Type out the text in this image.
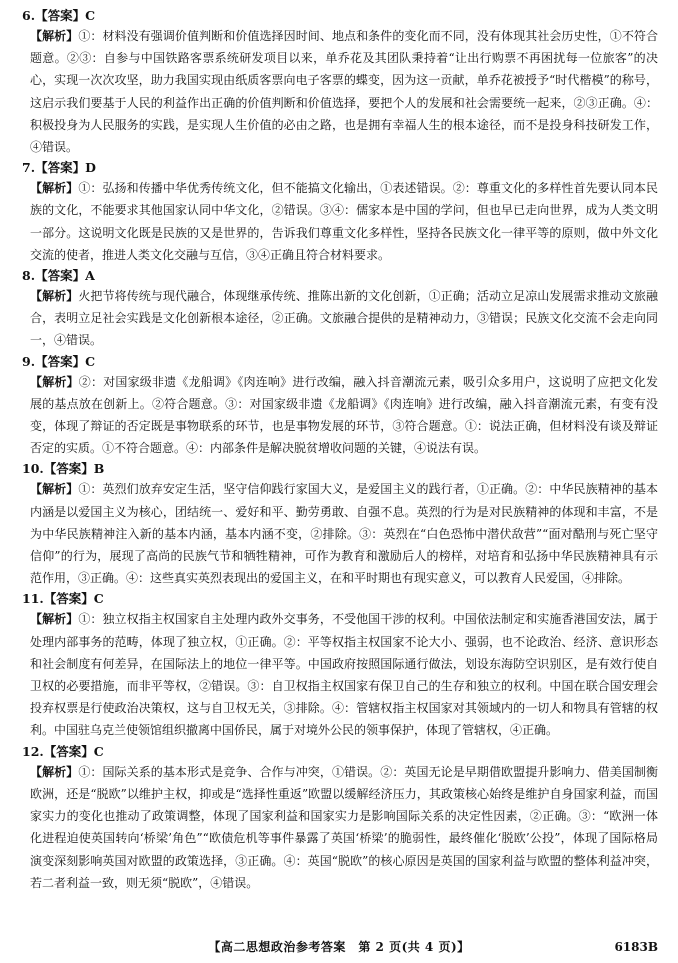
6.【答案】C
【解析】①：材料没有强调价值判断和价值选择因时间、地点和条件的变化而不同，没有体现其社会历史性，①不符合题意。②③：自参与中国铁路客票系统研发项目以来，单乔花及其团队秉持着“让出行购票不再困扰每一位旅客”的决心，实现一次次攻坚，助力我国实现由纸质客票向电子客票的蝶变，因为这一贡献，单乔花被授予“时代楷模”的称号，这启示我们要基于人民的利益作出正确的价值判断和价值选择，要把个人的发展和社会需要统一起来，②③正确。④：积极投身为人民服务的实践，是实现人生价值的必由之路，也是拥有幸福人生的根本途径，而不是投身科技研发工作，④错误。
7.【答案】D
【解析】①：弘扬和传播中华优秀传统文化，但不能搞文化输出，①表述错误。②：尊重文化的多样性首先要认同本民族的文化，不能要求其他国家认同中华文化，②错误。③④：儒家本是中国的学问，但也早已走向世界，成为人类文明一部分。这说明文化既是民族的又是世界的，告诉我们尊重文化多样性，坚持各民族文化一律平等的原则，做中外文化交流的使者，推进人类文化交融与互信，③④正确且符合材料要求。
8.【答案】A
【解析】火把节将传统与现代融合，体现继承传统、推陈出新的文化创新，①正确；活动立足凉山发展需求推动文旅融合，表明立足社会实践是文化创新根本途径，②正确。文旅融合提供的是精神动力，③错误；民族文化交流不会走向同一，④错误。
9.【答案】C
【解析】②：对国家级非遗《龙船调》《肉连响》进行改编，融入抖音潮流元素，吸引众多用户，这说明了应把文化发展的基点放在创新上。②符合题意。③：对国家级非遗《龙船调》《肉连响》进行改编，融入抖音潮流元素，有变有没变，体现了辩证的否定既是事物联系的环节，也是事物发展的环节，③符合题意。①：说法正确，但材料没有谈及辩证否定的实质。①不符合题意。④：内部条件是解决脱贫增收问题的关键，④说法有误。
10.【答案】B
【解析】①：英烈们放弃安定生活，坚守信仰践行家国大义，是爱国主义的践行者，①正确。②：中华民族精神的基本内涵是以爱国主义为核心，团结统一、爱好和平、勤劳勇敢、自强不息。英烈的行为是对民族精神的体现和丰富，不是为中华民族精神注入新的基本内涵，基本内涵不变，②排除。③：英烈在“白色恐怖中潜伏敌营”“面对酷刑与死亡坚守信仰”的行为，展现了高尚的民族气节和牺牲精神，可作为教育和激励后人的榜样，对培育和弘扬中华民族精神具有示范作用，③正确。④：这些真实英烈表现出的爱国主义，在和平时期也有现实意义，可以教育人民爱国，④排除。
11.【答案】C
【解析】①：独立权指主权国家自主处理内政外交事务，不受他国干涉的权利。中国依法制定和实施香港国安法，属于处理内部事务的范畴，体现了独立权，①正确。②：平等权指主权国家不论大小、强弱，也不论政治、经济、意识形态和社会制度有何差异，在国际法上的地位一律平等。中国政府按照国际通行做法，划设东海防空识别区，是有效行使自卫权的必要措施，而非平等权，②错误。③：自卫权指主权国家有保卫自己的生存和独立的权利。中国在联合国安理会投弃权票是行使政治决策权，这与自卫权无关，③排除。④：管辖权指主权国家对其领域内的一切人和物具有管辖的权利。中国驻乌克兰使领馆组织撤离中国侨民，属于对境外公民的领事保护，体现了管辖权，④正确。
12.【答案】C
【解析】①：国际关系的基本形式是竞争、合作与冲突，①错误。②：英国无论是早期借欧盟提升影响力、借美国制衡欧洲，还是“脱欧”以维护主权，抑或是“选择性重返”欧盟以缓解经济压力，其政策核心始终是维护自身国家利益，而国家实力的变化也推动了政策调整，体现了国家利益和国家实力是影响国际关系的决定性因素，②正确。③：“欧洲一体化进程迫使英国转向‘桥梁’角色”“欧债危机等事件暴露了英国‘桥梁’的脆弱性，最终催化‘脱欧’公投”，体现了国际格局演变深刻影响英国对欧盟的政策选择，③正确。④：英国“脱欧”的核心原因是英国的国家利益与欧盟的整体利益冲突，若二者利益一致，则无须“脱欧”，④错误。
【高二思想政治参考答案　第 2 页(共 4 页)】	6183B
